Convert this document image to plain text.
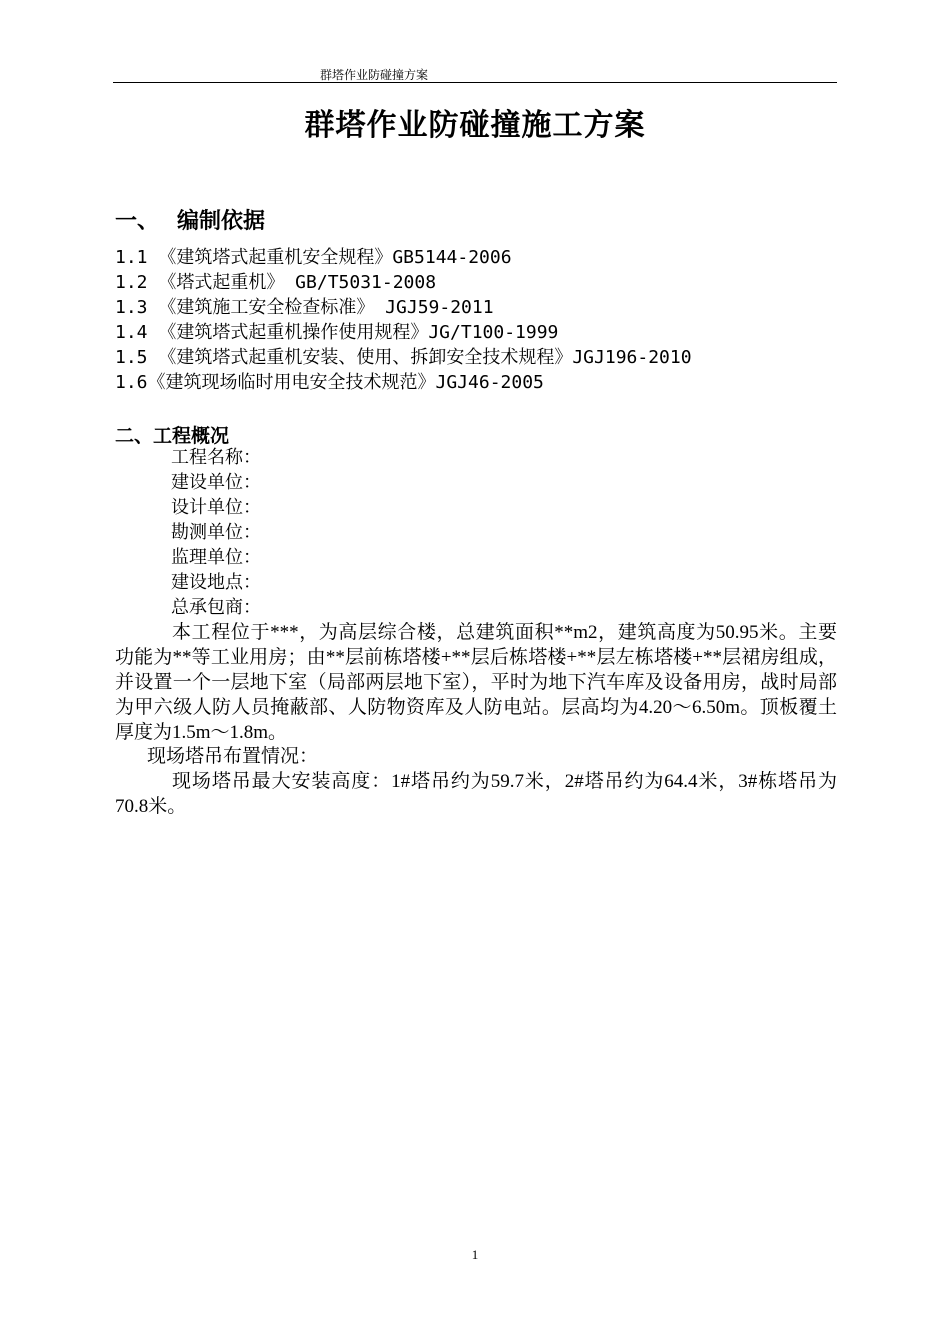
群塔作业防碰撞方案
群塔作业防碰撞施工方案
一、 编制依据
1.1 《建筑塔式起重机安全规程》GB5144-2006
1.2 《塔式起重机》 GB/T5031-2008
1.3 《建筑施工安全检查标准》 JGJ59-2011
1.4 《建筑塔式起重机操作使用规程》JG/T100-1999
1.5 《建筑塔式起重机安装、使用、拆卸安全技术规程》JGJ196-2010
1.6《建筑现场临时用电安全技术规范》JGJ46-2005
二、工程概况
工程名称：
建设单位：
设计单位：
勘测单位：
监理单位：
建设地点：
总承包商：
本工程位于***，为高层综合楼，总建筑面积**m2，建筑高度为50.95米。主要功能为**等工业用房；由**层前栋塔楼+**层后栋塔楼+**层左栋塔楼+**层裙房组成，并设置一个一层地下室（局部两层地下室），平时为地下汽车库及设备用房，战时局部为甲六级人防人员掩蔽部、人防物资库及人防电站。层高均为4.20～6.50m。顶板覆土厚度为1.5m～1.8m。
现场塔吊布置情况：
现场塔吊最大安装高度：1#塔吊约为59.7米，2#塔吊约为64.4米，3#栋塔吊为70.8米。
1
